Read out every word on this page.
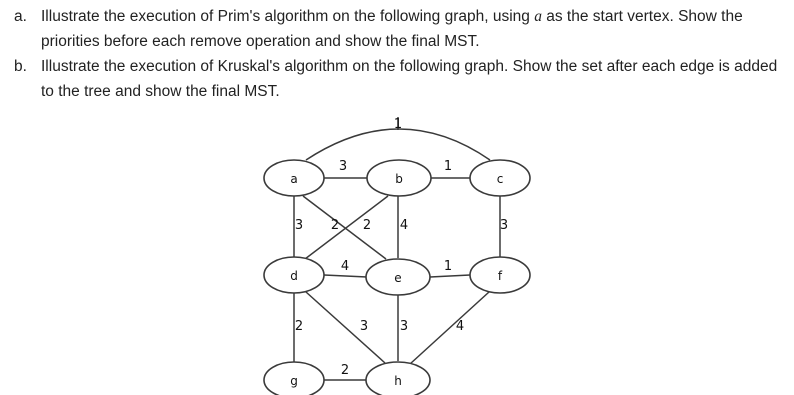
a. Illustrate the execution of Prim's algorithm on the following graph, using a as the start vertex. Show the priorities before each remove operation and show the final MST.
b. Illustrate the execution of Kruskal's algorithm on the following graph. Show the set after each edge is added to the tree and show the final MST.
3	1
1
3	2
2	4	3
4	1
2	3 3	4
2
a	b	c
d	e	f
g	h
